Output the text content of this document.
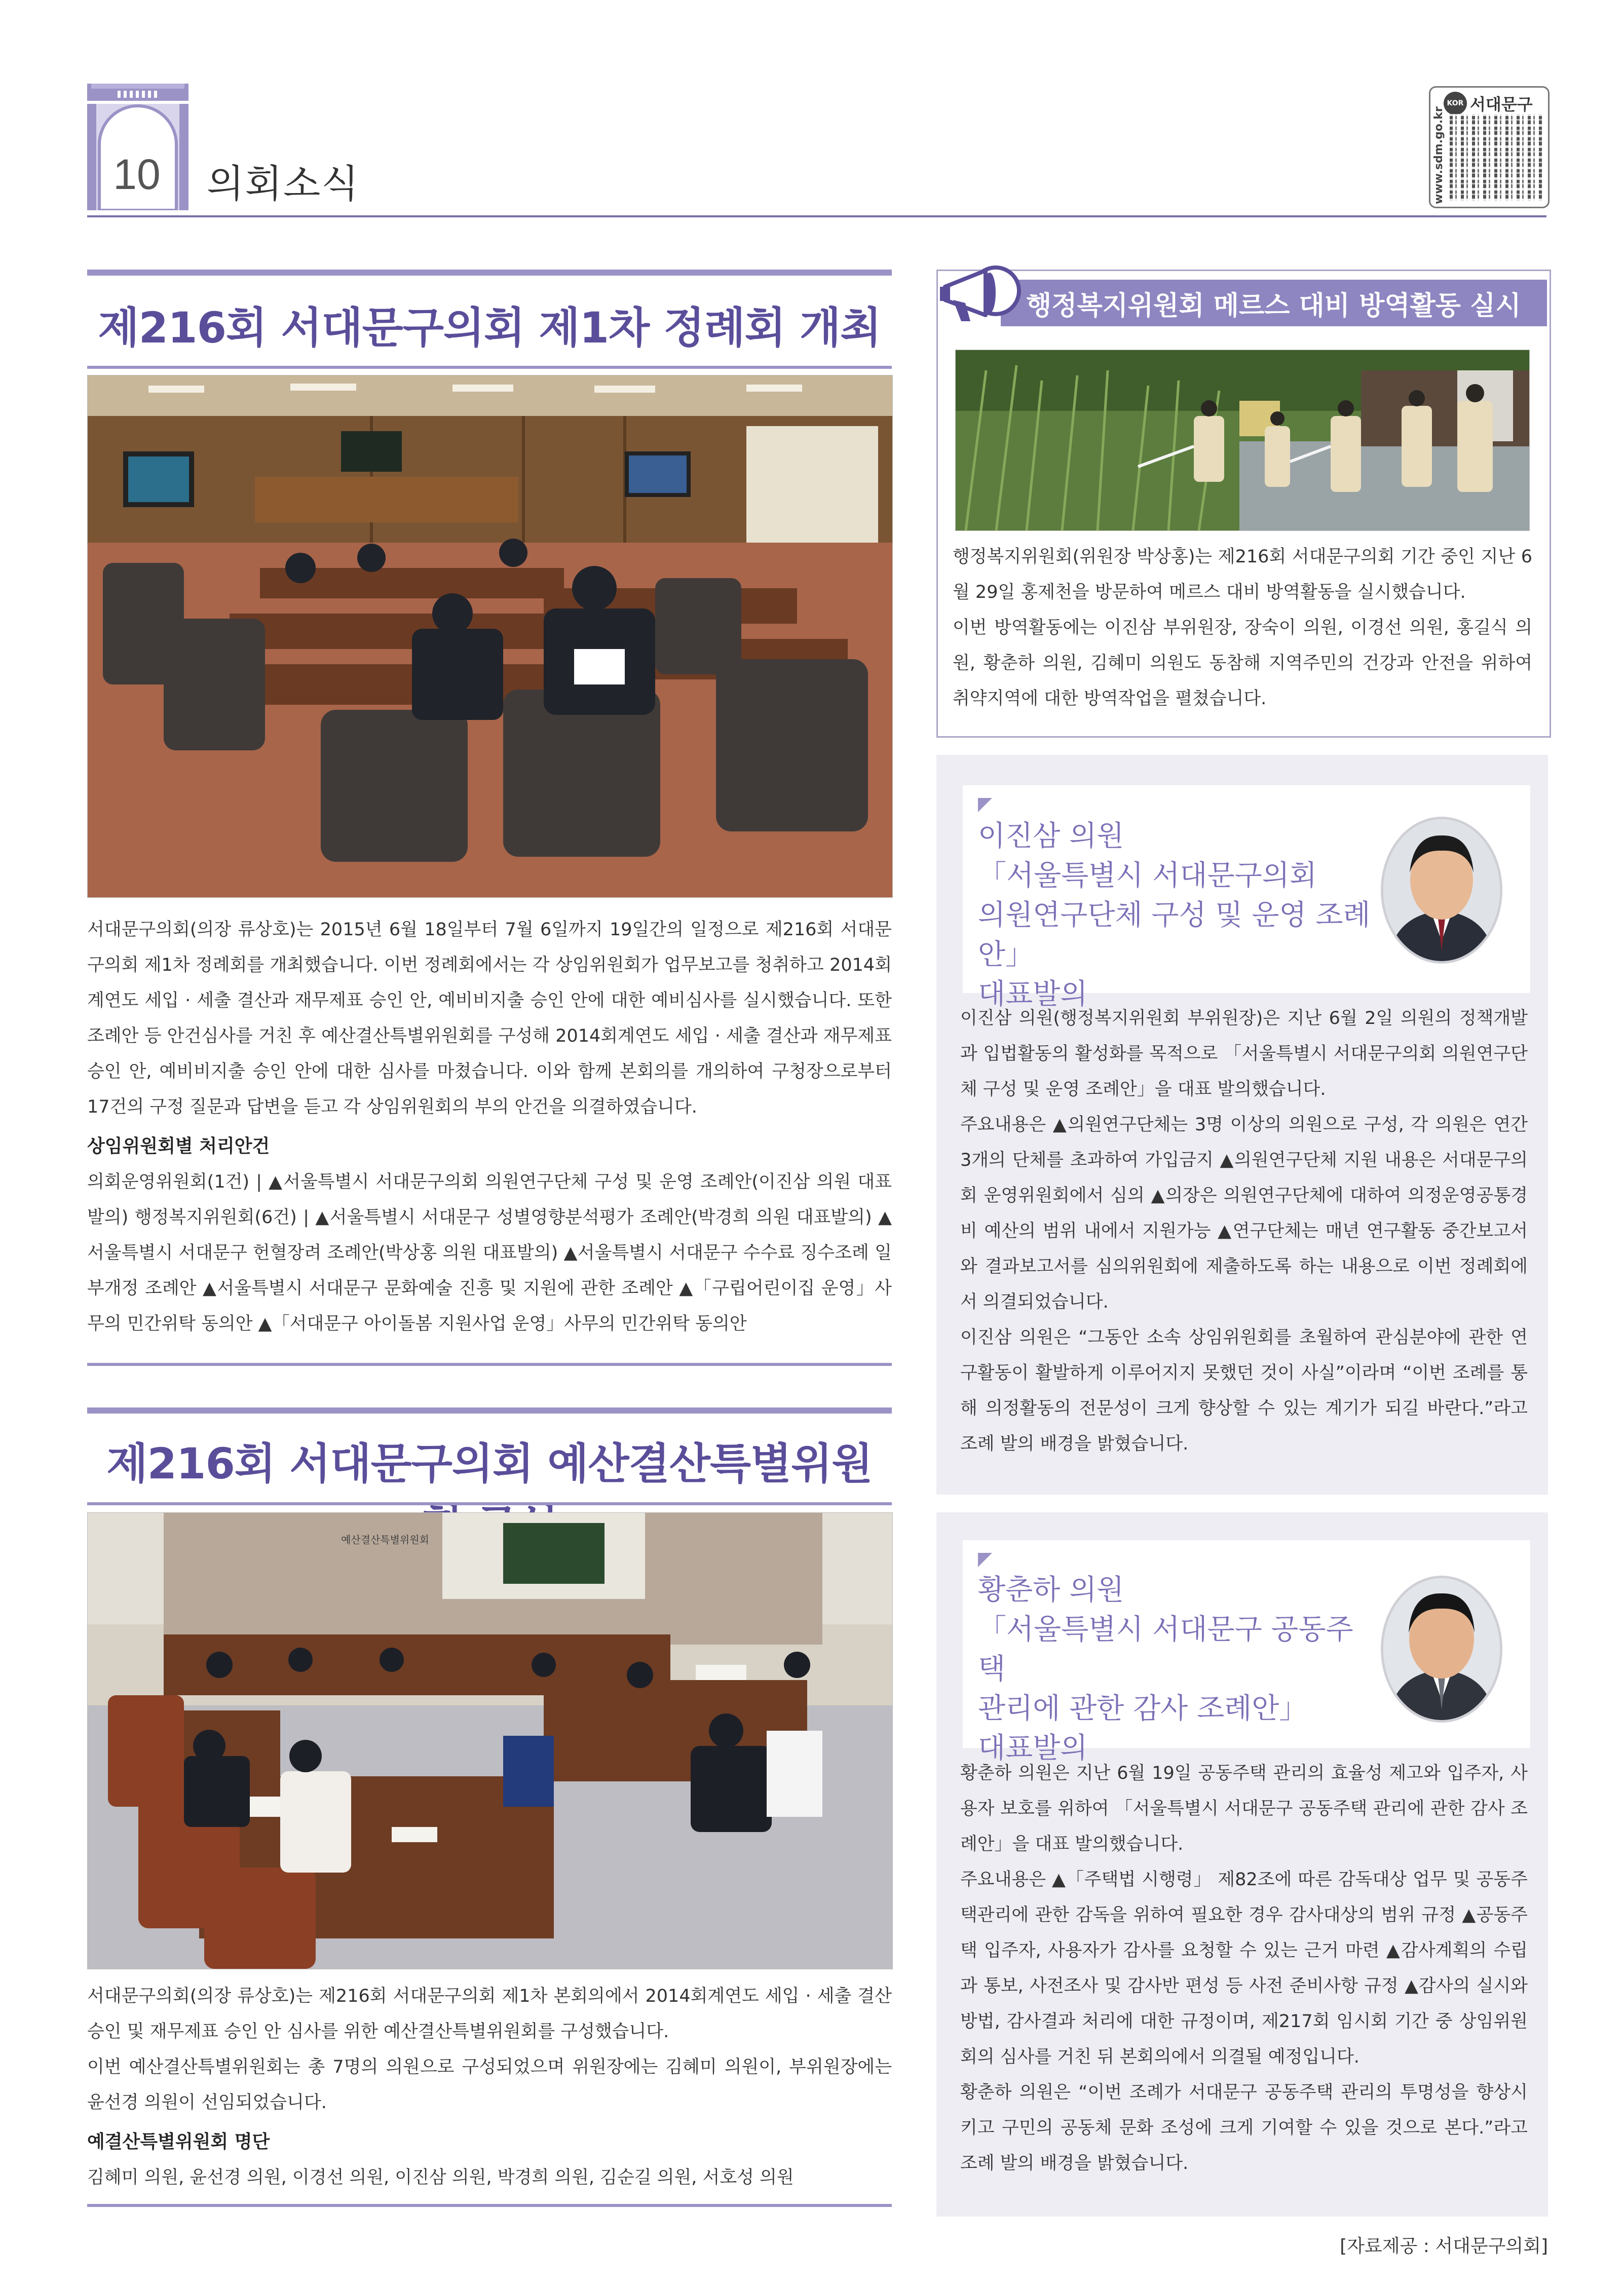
10	의회소식	www.sdm.go.kr
KOR 서대문구
제216회 서대문구의회 제1차 정례회 개최

서대문구의회(의장 류상호)는 2015년 6월 18일부터 7월 6일까지 19일간의 일정으로 제216회 서대문구의회 제1차 정례회를 개최했습니다. 이번 정례회에서는 각 상임위원회가 업무보고를 청취하고 2014회계연도 세입 · 세출 결산과 재무제표 승인 안, 예비비지출 승인 안에 대한 예비심사를 실시했습니다. 또한 조례안 등 안건심사를 거친 후 예산결산특별위원회를 구성해 2014회계연도 세입 · 세출 결산과 재무제표 승인 안, 예비비지출 승인 안에 대한 심사를 마쳤습니다. 이와 함께 본회의를 개의하여 구청장으로부터 17건의 구정 질문과 답변을 듣고 각 상임위원회의 부의 안건을 의결하였습니다.

상임위원회별 처리안건

의회운영위원회(1건) | ▲서울특별시 서대문구의회 의원연구단체 구성 및 운영 조례안(이진삼 의원 대표발의) 행정복지위원회(6건) | ▲서울특별시 서대문구 성별영향분석평가 조례안(박경희 의원 대표발의) ▲서울특별시 서대문구 헌혈장려 조례안(박상홍 의원 대표발의) ▲서울특별시 서대문구 수수료 징수조례 일부개정 조례안 ▲서울특별시 서대문구 문화예술 진흥 및 지원에 관한 조례안 ▲「구립어린이집 운영」사무의 민간위탁 동의안 ▲「서대문구 아이돌봄 지원사업 운영」사무의 민간위탁 동의안

제216회 서대문구의회 예산결산특별위원
예산결산특별위원회

서대문구의회(의장 류상호)는 제216회 서대문구의회 제1차 본회의에서 2014회계연도 세입 · 세출 결산 승인 및 재무제표 승인 안 심사를 위한 예산결산특별위원회를 구성했습니다.

이번 예산결산특별위원회는 총 7명의 의원으로 구성되었으며 위원장에는 김혜미 의원이, 부위원장에는 윤선경 의원이 선임되었습니다.

예결산특별위원회 명단

김혜미 의원, 윤선경 의원, 이경선 의원, 이진삼 의원, 박경희 의원, 김순길 의원, 서호성 의원

행정복지위원회 메르스 대비 방역활동 실시

행정복지위원회(위원장 박상홍)는 제216회 서대문구의회 기간 중인 지난 6월 29일 홍제천을 방문하여 메르스 대비 방역활동을 실시했습니다.

이번 방역활동에는 이진삼 부위원장, 장숙이 의원, 이경선 의원, 홍길식 의원, 황춘하 의원, 김혜미 의원도 동참해 지역주민의 건강과 안전을 위하여 취약지역에 대한 방역작업을 펼쳤습니다.

이진삼 의원
「서울특별시 서대문구의회
의원연구단체 구성 및 운영 조례안」
대표발의

이진삼 의원(행정복지위원회 부위원장)은 지난 6월 2일 의원의 정책개발과 입법활동의 활성화를 목적으로 「서울특별시 서대문구의회 의원연구단체 구성 및 운영 조례안」을 대표 발의했습니다.

주요내용은 ▲의원연구단체는 3명 이상의 의원으로 구성, 각 의원은 연간 3개의 단체를 초과하여 가입금지 ▲의원연구단체 지원 내용은 서대문구의회 운영위원회에서 심의 ▲의장은 의원연구단체에 대하여 의정운영공통경비 예산의 범위 내에서 지원가능 ▲연구단체는 매년 연구활동 중간보고서와 결과보고서를 심의위원회에 제출하도록 하는 내용으로 이번 정례회에서 의결되었습니다.

이진삼 의원은 “그동안 소속 상임위원회를 초월하여 관심분야에 관한 연구활동이 활발하게 이루어지지 못했던 것이 사실”이라며 “이번 조례를 통해 의정활동의 전문성이 크게 향상할 수 있는 계기가 되길 바란다.”라고 조례 발의 배경을 밝혔습니다.

황춘하 의원
「서울특별시 서대문구 공동주택
관리에 관한 감사 조례안」
대표발의

황춘하 의원은 지난 6월 19일 공동주택 관리의 효율성 제고와 입주자, 사용자 보호를 위하여 「서울특별시 서대문구 공동주택 관리에 관한 감사 조례안」을 대표 발의했습니다.

주요내용은 ▲「주택법 시행령」 제82조에 따른 감독대상 업무 및 공동주택관리에 관한 감독을 위하여 필요한 경우 감사대상의 범위 규정 ▲공동주택 입주자, 사용자가 감사를 요청할 수 있는 근거 마련 ▲감사계획의 수립과 통보, 사전조사 및 감사반 편성 등 사전 준비사항 규정 ▲감사의 실시와 방법, 감사결과 처리에 대한 규정이며, 제217회 임시회 기간 중 상임위원회의 심사를 거친 뒤 본회의에서 의결될 예정입니다.

황춘하 의원은 “이번 조례가 서대문구 공동주택 관리의 투명성을 향상시키고 구민의 공동체 문화 조성에 크게 기여할 수 있을 것으로 본다.”라고 조례 발의 배경을 밝혔습니다.

[자료제공 : 서대문구의회]
